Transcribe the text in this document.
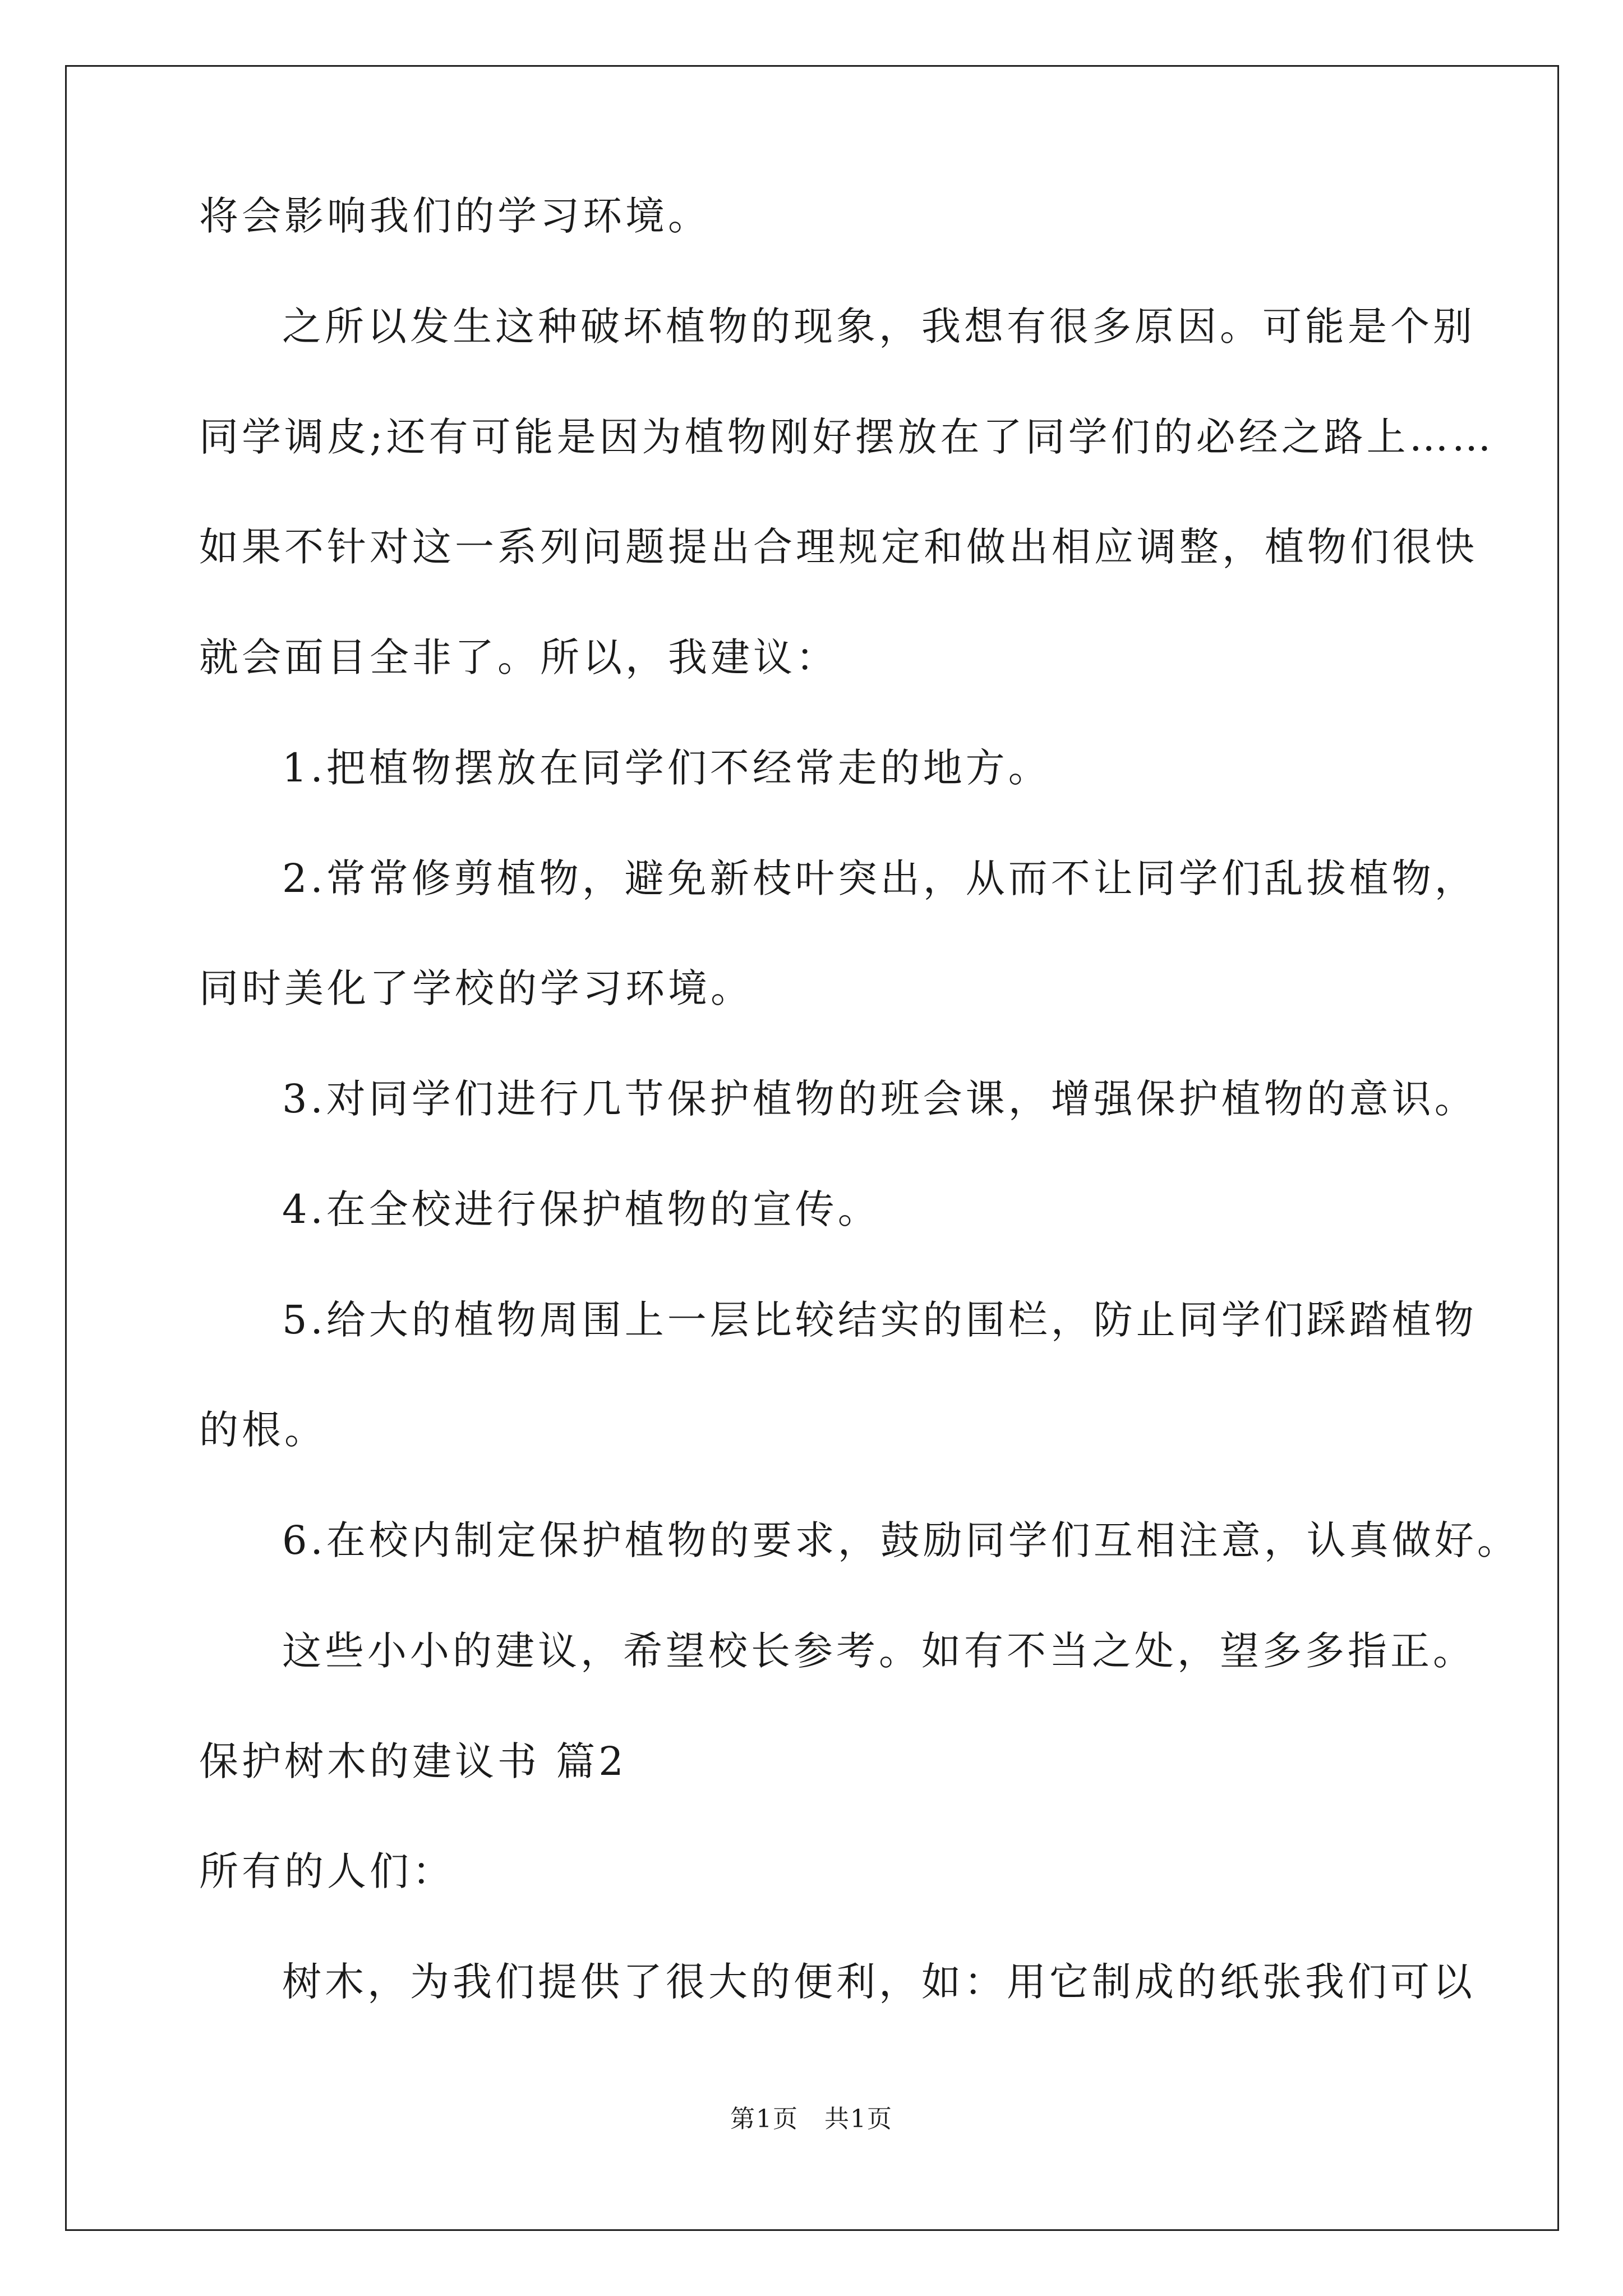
将会影响我们的学习环境。
之所以发生这种破坏植物的现象，我想有很多原因。可能是个别
同学调皮;还有可能是因为植物刚好摆放在了同学们的必经之路上……
如果不针对这一系列问题提出合理规定和做出相应调整，植物们很快
就会面目全非了。所以，我建议：
1.把植物摆放在同学们不经常走的地方。
2.常常修剪植物，避免新枝叶突出，从而不让同学们乱拔植物，
同时美化了学校的学习环境。
3.对同学们进行几节保护植物的班会课，增强保护植物的意识。
4.在全校进行保护植物的宣传。
5.给大的植物周围上一层比较结实的围栏，防止同学们踩踏植物
的根。
6.在校内制定保护植物的要求，鼓励同学们互相注意，认真做好。
这些小小的建议，希望校长参考。如有不当之处，望多多指正。
保护树木的建议书 篇2
所有的人们：
树木，为我们提供了很大的便利，如：用它制成的纸张我们可以
第1页　共1页
